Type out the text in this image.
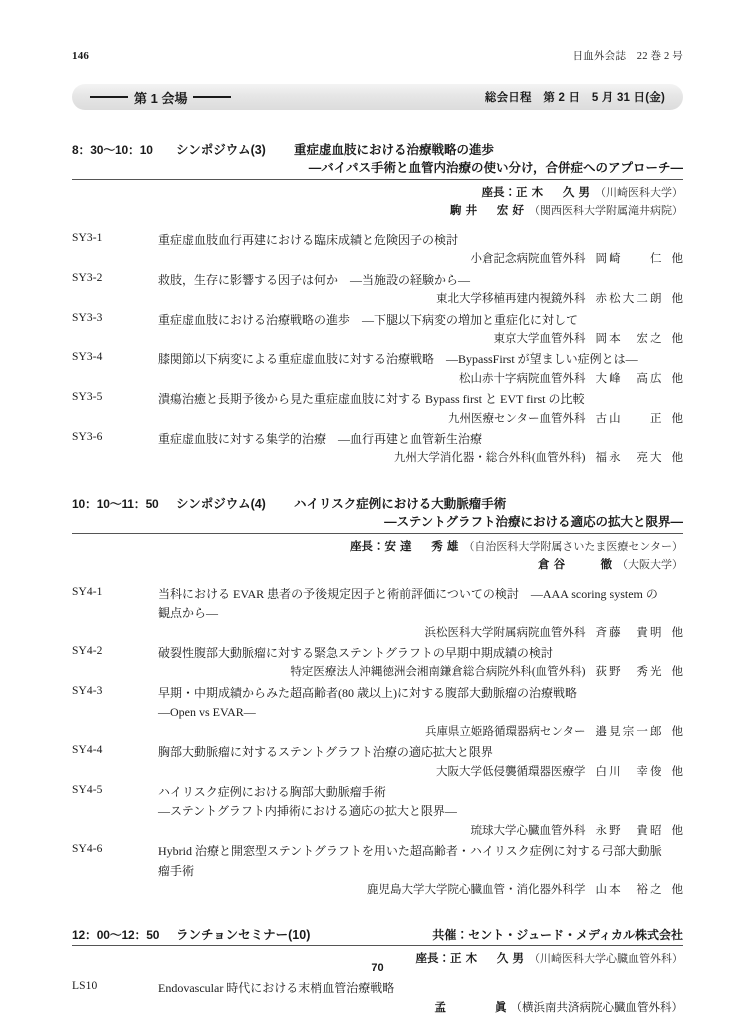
146	日血外会誌　22 巻 2 号
第 1 会場	総会日程　第 2 日　5 月 31 日(金)
8：30〜10：10	シンポジウム(3)	重症虚血肢における治療戦略の進歩
—バイパス手術と血管内治療の使い分け，合併症へのアプローチ—
座長： 正木　久男 （川崎医科大学）
駒井　宏好 （関西医科大学附属滝井病院）
SY3-1	重症虚血肢血行再建における臨床成績と危険因子の検討
小倉記念病院血管外科 岡崎　　仁 他
SY3-2	救肢，生存に影響する因子は何か　—当施設の経験から—
東北大学移植再建内視鏡外科 赤松大二朗 他
SY3-3	重症虚血肢における治療戦略の進歩　—下腿以下病変の増加と重症化に対して
東京大学血管外科 岡本　宏之 他
SY3-4	膝関節以下病変による重症虚血肢に対する治療戦略　—BypassFirst が望ましい症例とは—
松山赤十字病院血管外科 大峰　高広 他
SY3-5	潰瘍治癒と長期予後から見た重症虚血肢に対する Bypass first と EVT first の比較
九州医療センター血管外科 古山　　正 他
SY3-6	重症虚血肢に対する集学的治療　—血行再建と血管新生治療
九州大学消化器・総合外科(血管外科) 福永　亮大 他
10：10〜11：50	シンポジウム(4)	ハイリスク症例における大動脈瘤手術
—ステントグラフト治療における適応の拡大と限界—
座長： 安達　秀雄 （自治医科大学附属さいたま医療センター）
倉谷　　徹 （大阪大学）
SY4-1	当科における EVAR 患者の予後規定因子と術前評価についての検討　—AAA scoring system の
観点から—
浜松医科大学附属病院血管外科 斉藤　貴明 他
SY4-2	破裂性腹部大動脈瘤に対する緊急ステントグラフトの早期中期成績の検討
特定医療法人沖縄徳洲会湘南鎌倉総合病院外科(血管外科) 荻野　秀光 他
SY4-3	早期・中期成績からみた超高齢者(80 歳以上)に対する腹部大動脈瘤の治療戦略
—Open vs EVAR—
兵庫県立姫路循環器病センター 邉見宗一郎 他
SY4-4	胸部大動脈瘤に対するステントグラフト治療の適応拡大と限界
大阪大学低侵襲循環器医療学 白川　幸俊 他
SY4-5	ハイリスク症例における胸部大動脈瘤手術
—ステントグラフト内挿術における適応の拡大と限界—
琉球大学心臓血管外科 永野　貴昭 他
SY4-6	Hybrid 治療と開窓型ステントグラフトを用いた超高齢者・ハイリスク症例に対する弓部大動脈
瘤手術
鹿児島大学大学院心臓血管・消化器外科学 山本　裕之 他
12：00〜12：50	ランチョンセミナー(10)	共催：セント・ジュード・メディカル株式会社
座長： 正木　久男 （川崎医科大学心臓血管外科）
LS10	Endovascular 時代における末梢血管治療戦略
孟　　　眞 （横浜南共済病院心臓血管外科）
70
